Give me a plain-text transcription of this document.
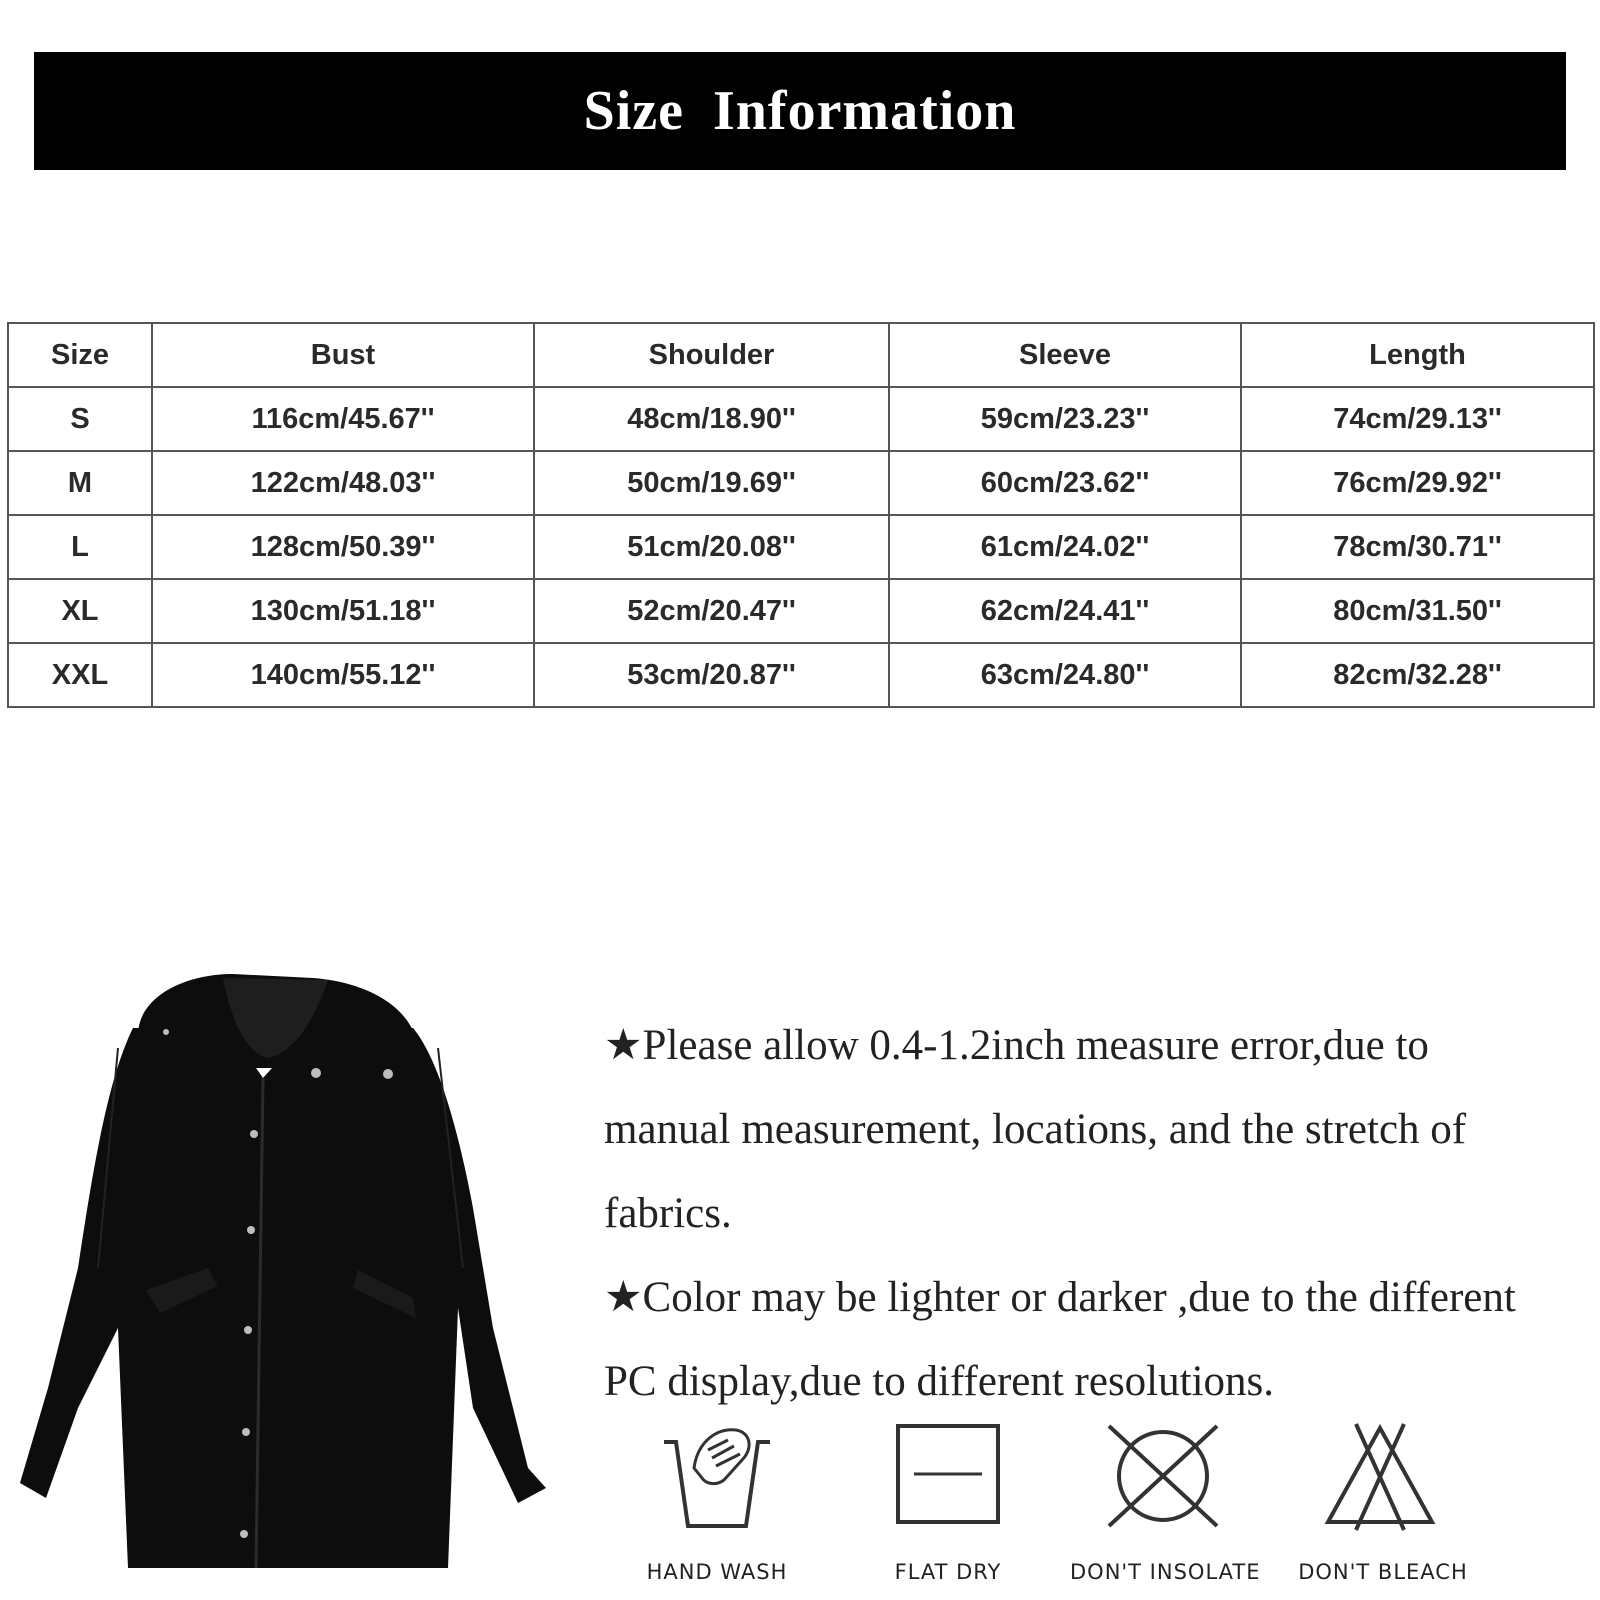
Size Information
Size	Bust	Shoulder	Sleeve	Length
S	116cm/45.67''	48cm/18.90''	59cm/23.23''	74cm/29.13''
M	122cm/48.03''	50cm/19.69''	60cm/23.62''	76cm/29.92''
L	128cm/50.39''	51cm/20.08''	61cm/24.02''	78cm/30.71''
XL	130cm/51.18''	52cm/20.47''	62cm/24.41''	80cm/31.50''
XXL	140cm/55.12''	53cm/20.87''	63cm/24.80''	82cm/32.28''
★Please allow 0.4-1.2inch measure error,due to manual measurement, locations, and the stretch of fabrics.
★Color may be lighter or darker ,due to the different PC display,due to different resolutions.
HAND WASH	FLAT DRY	DON'T INSOLATE DON'T BLEACH
